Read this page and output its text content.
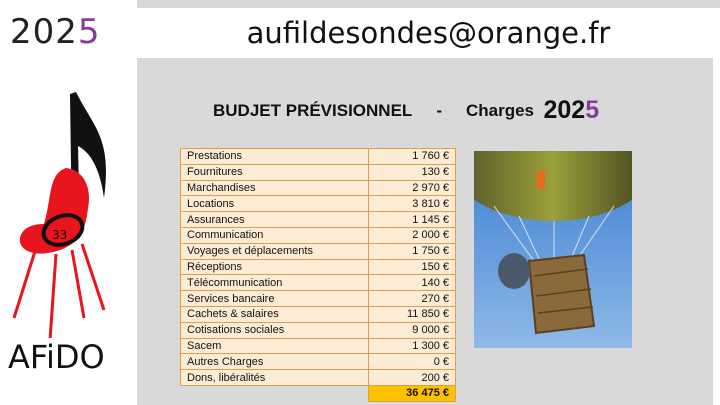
2025	aufildesondes@orange.fr
33
AFiDO
BUDJET PRÉVISIONNEL - Charges 2025
Prestations	1 760 €
Fournitures	130 €
Marchandises	2 970 €
Locations	3 810 €
Assurances	1 145 €
Communication	2 000 €
Voyages et déplacements	1 750 €
Réceptions	150 €
Télécommunication	140 €
Services bancaire	270 €
Cachets & salaires	11 850 €
Cotisations sociales	9 000 €
Sacem	1 300 €
Autres Charges	0 €
Dons, libéralités	200 €
	36 475 €
